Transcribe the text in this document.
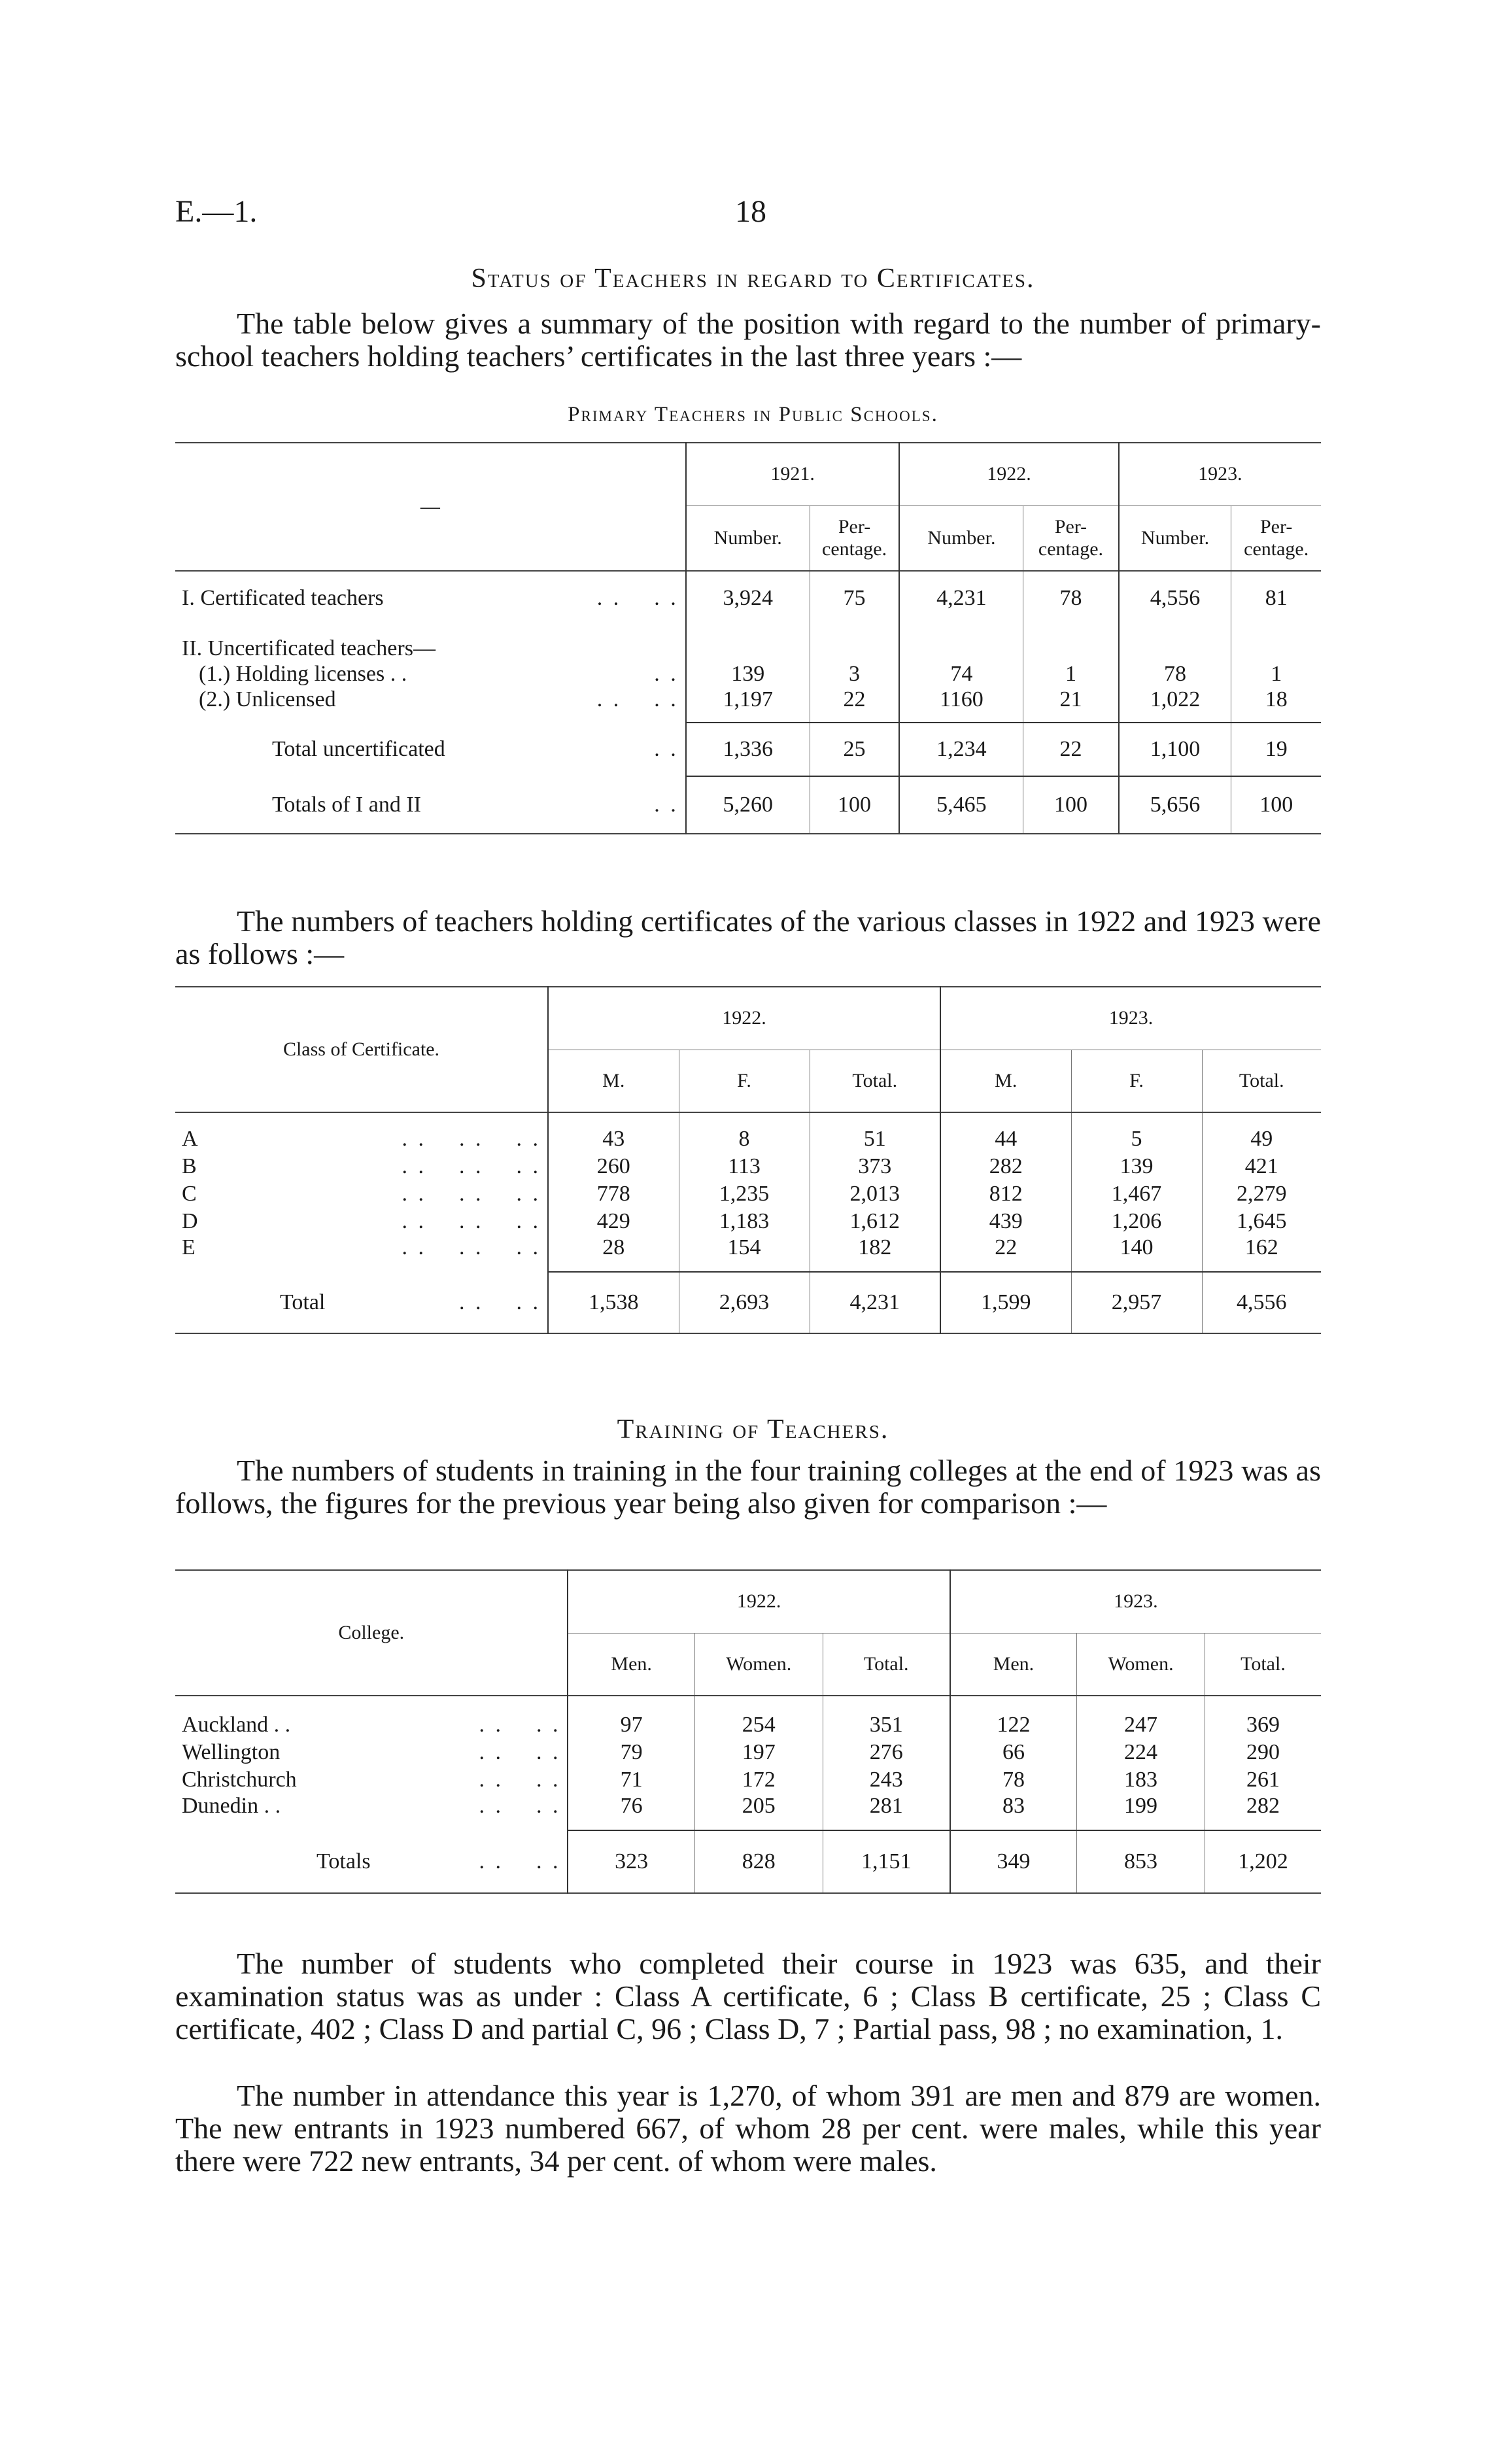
E.—1.	18
Status of Teachers in regard to Certificates.

The table below gives a summary of the position with regard to the number of primary-school teachers holding teachers’ certificates in the last three years :—

Primary Teachers in Public Schools.
—		1921.		1922.		1923.	
		Number.	Per-centage.	Number.	Per-centage.	Number.	Per-centage.
I. Certificated teachers	. .    . .	3,924	75	4,231	78	4,556	81
II. Uncertificated teachers—							
(1.) Holding licenses . .	. .	139	3	74	1	78	1
(2.) Unlicensed	. .    . .	1,197	22	1160	21	1,022	18
Total uncertificated	. .	1,336	25	1,234	22	1,100	19
Totals of I and II	. .	5,260	100	5,465	100	5,656	100

The numbers of teachers holding certificates of the various classes in 1922 and 1923 were as follows :—

Class of Certificate.		1922.			1923.		
		M.	F.	Total.	M.	F.	Total.

A	. .    . .    . .	43	8	51	44	5	49
B	. .    . .    . .	260	113	373	282	139	421
C	. .    . .    . .	778	1,235	2,013	812	1,467	2,279
D	. .    . .    . .	429	1,183	1,612	439	1,206	1,645
E	. .    . .    . .	28	154	182	22	140	162
Total	. .    . .	1,538	2,693	4,231	1,599	2,957	4,556
Training of Teachers.

The numbers of students in training in the four training colleges at the end of 1923 was as follows, the figures for the previous year being also given for comparison :—

College.		1922.			1923.		
		Men.	Women.	Total.	Men.	Women.	Total.

Auckland . .	. .    . .	97	254	351	122	247	369
Wellington	. .    . .	79	197	276	66	224	290
Christchurch	. .    . .	71	172	243	78	183	261
Dunedin . .	. .    . .	76	205	281	83	199	282
Totals	. .    . .	323	828	1,151	349	853	1,202

The number of students who completed their course in 1923 was 635, and their examination status was as under : Class A certificate, 6 ; Class B certificate, 25 ; Class C certificate, 402 ; Class D and partial C, 96 ; Class D, 7 ; Partial pass, 98 ; no examination, 1.

The number in attendance this year is 1,270, of whom 391 are men and 879 are women. The new entrants in 1923 numbered 667, of whom 28 per cent. were males, while this year there were 722 new entrants, 34 per cent. of whom were males.
